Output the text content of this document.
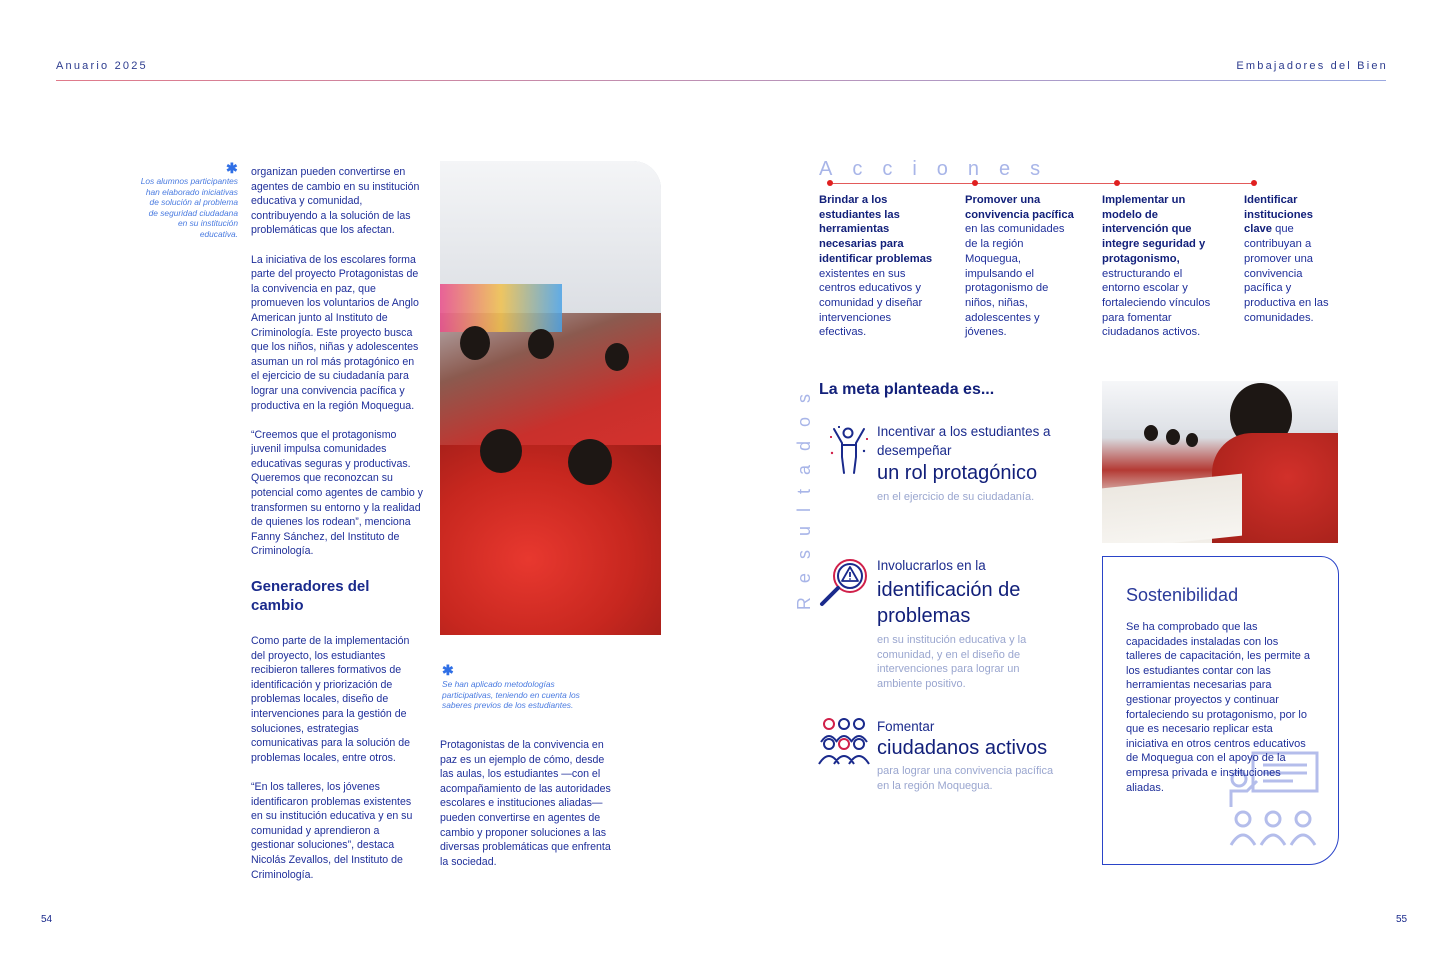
Anuario 2025	Embajadores del Bien
✱
Los alumnos participantes han elaborado iniciativas de solución al problema de seguridad ciudadana en su institución educativa.

organizan pueden convertirse en agentes de cambio en su institución educativa y comunidad, contribuyendo a la solución de las problemáticas que los afectan.

La iniciativa de los escolares forma parte del proyecto Protagonistas de la convivencia en paz, que promueven los voluntarios de Anglo American junto al Instituto de Criminología. Este proyecto busca que los niños, niñas y adolescentes asuman un rol más protagónico en el ejercicio de su ciudadanía para lograr una convivencia pacífica y productiva en la región Moquegua.

“Creemos que el protagonismo juvenil impulsa comunidades educativas seguras y productivas. Queremos que reconozcan su potencial como agentes de cambio y transformen su entorno y la realidad de quienes los rodean”, menciona Fanny Sánchez, del Instituto de Criminología.

Generadores del cambio

Como parte de la implementación del proyecto, los estudiantes recibieron talleres formativos de identificación y priorización de problemas locales, diseño de intervenciones para la gestión de soluciones, estrategias comunicativas para la solución de problemas locales, entre otros.

“En los talleres, los jóvenes identificaron problemas existentes en su institución educativa y en su comunidad y aprendieron a gestionar soluciones”, destaca Nicolás Zevallos, del Instituto de Criminología.

✱
Se han aplicado metodologías participativas, teniendo en cuenta los saberes previos de los estudiantes.
Protagonistas de la convivencia en paz es un ejemplo de cómo, desde las aulas, los estudiantes —con el acompañamiento de las autoridades escolares e instituciones aliadas— pueden convertirse en agentes de cambio y proponer soluciones a las diversas problemáticas que enfrenta la sociedad.
54
Acciones
Brindar a los estudiantes las herramientas necesarias para identificar problemas existentes en sus centros educativos y comunidad y diseñar intervenciones efectivas.
Promover una convivencia pacífica en las comunidades de la región Moquegua, impulsando el protagonismo de niños, niñas, adolescentes y jóvenes.
Implementar un modelo de intervención que integre seguridad y protagonismo, estructurando el entorno escolar y fortaleciendo vínculos para fomentar ciudadanos activos.
Identificar instituciones clave que contribuyan a promover una convivencia pacífica y productiva en las comunidades.
Resultados La meta planteada es...
Incentivar a los estudiantes a desempeñar
un rol protagónico
en el ejercicio de su ciudadanía.
Involucrarlos en la
identificación de problemas
en su institución educativa y la comunidad, y en el diseño de intervenciones para lograr un ambiente positivo.
Fomentar
ciudadanos activos
para lograr una convivencia pacífica en la región Moquegua.
Sostenibilidad
Se ha comprobado que las capacidades instaladas con los talleres de capacitación, les permite a los estudiantes contar con las herramientas necesarias para gestionar proyectos y continuar fortaleciendo su protagonismo, por lo que es necesario replicar esta iniciativa en otros centros educativos de Moquegua con el apoyo de la empresa privada e instituciones aliadas.
55
